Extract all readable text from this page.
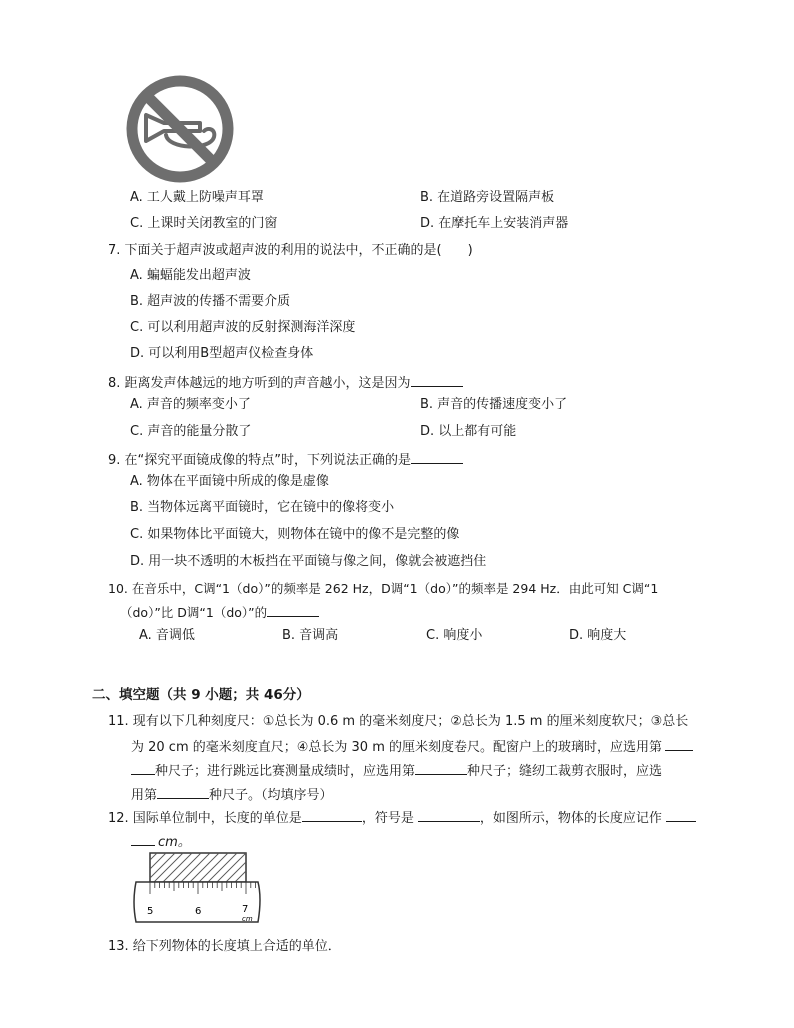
A. 工人戴上防噪声耳罩	B. 在道路旁设置隔声板
C. 上课时关闭教室的门窗	D. 在摩托车上安装消声器
7. 下面关于超声波或超声波的利用的说法中，不正确的是(　　)
A. 蝙蝠能发出超声波
B. 超声波的传播不需要介质
C. 可以利用超声波的反射探测海洋深度
D. 可以利用B型超声仪检查身体
8. 距离发声体越远的地方听到的声音越小，这是因为
A. 声音的频率变小了	B. 声音的传播速度变小了
C. 声音的能量分散了	D. 以上都有可能
9. 在“探究平面镜成像的特点”时，下列说法正确的是
A. 物体在平面镜中所成的像是虚像
B. 当物体远离平面镜时，它在镜中的像将变小
C. 如果物体比平面镜大，则物体在镜中的像不是完整的像
D. 用一块不透明的木板挡在平面镜与像之间，像就会被遮挡住
10. 在音乐中，C调“1（do）”的频率是 262 Hz，D调“1（do）”的频率是 294 Hz．由此可知 C调“1
（do）”比 D调“1（do）”的
A. 音调低	B. 音调高	C. 响度小	D. 响度大
二、填空题（共 9 小题；共 46分）
11. 现有以下几种刻度尺：①总长为 0.6 m 的毫米刻度尺；②总长为 1.5 m 的厘米刻度软尺；③总长
为 20 cm 的毫米刻度直尺；④总长为 30 m 的厘米刻度卷尺。配窗户上的玻璃时，应选用第
种尺子；进行跳远比赛测量成绩时，应选用第	种尺子；缝纫工裁剪衣服时，应选
用第	种尺子。（均填序号）
12. 国际单位制中，长度的单位是	，符号是	，如图所示，物体的长度应记作
cm。
5	6	7
cm
13. 给下列物体的长度填上合适的单位．
